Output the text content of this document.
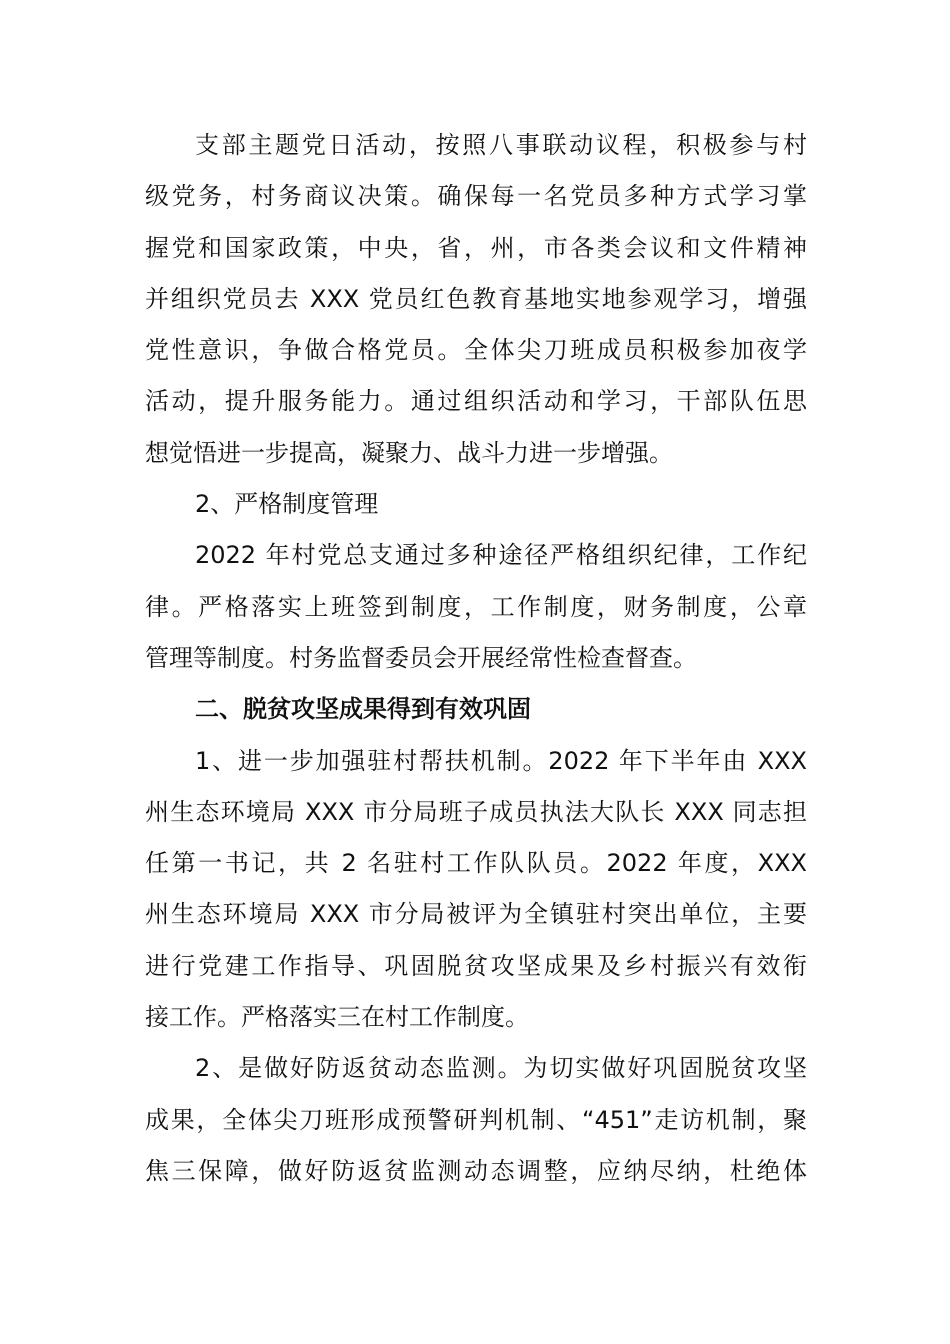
支部主题党日活动，按照八事联动议程，积极参与村
级党务，村务商议决策。确保每一名党员多种方式学习掌
握党和国家政策，中央，省，州，市各类会议和文件精神
并组织党员去 XXX 党员红色教育基地实地参观学习，增强
党性意识，争做合格党员。全体尖刀班成员积极参加夜学
活动，提升服务能力。通过组织活动和学习，干部队伍思
想觉悟进一步提高，凝聚力、战斗力进一步增强。
2、严格制度管理
2022 年村党总支通过多种途径严格组织纪律，工作纪
律。严格落实上班签到制度，工作制度，财务制度，公章
管理等制度。村务监督委员会开展经常性检查督查。
二、脱贫攻坚成果得到有效巩固
1、进一步加强驻村帮扶机制。2022 年下半年由 XXX
州生态环境局 XXX 市分局班子成员执法大队长 XXX 同志担
任第一书记，共 2 名驻村工作队队员。2022 年度，XXX
州生态环境局 XXX 市分局被评为全镇驻村突出单位，主要
进行党建工作指导、巩固脱贫攻坚成果及乡村振兴有效衔
接工作。严格落实三在村工作制度。
2、是做好防返贫动态监测。为切实做好巩固脱贫攻坚
成果，全体尖刀班形成预警研判机制、“451”走访机制，聚
焦三保障，做好防返贫监测动态调整，应纳尽纳，杜绝体
